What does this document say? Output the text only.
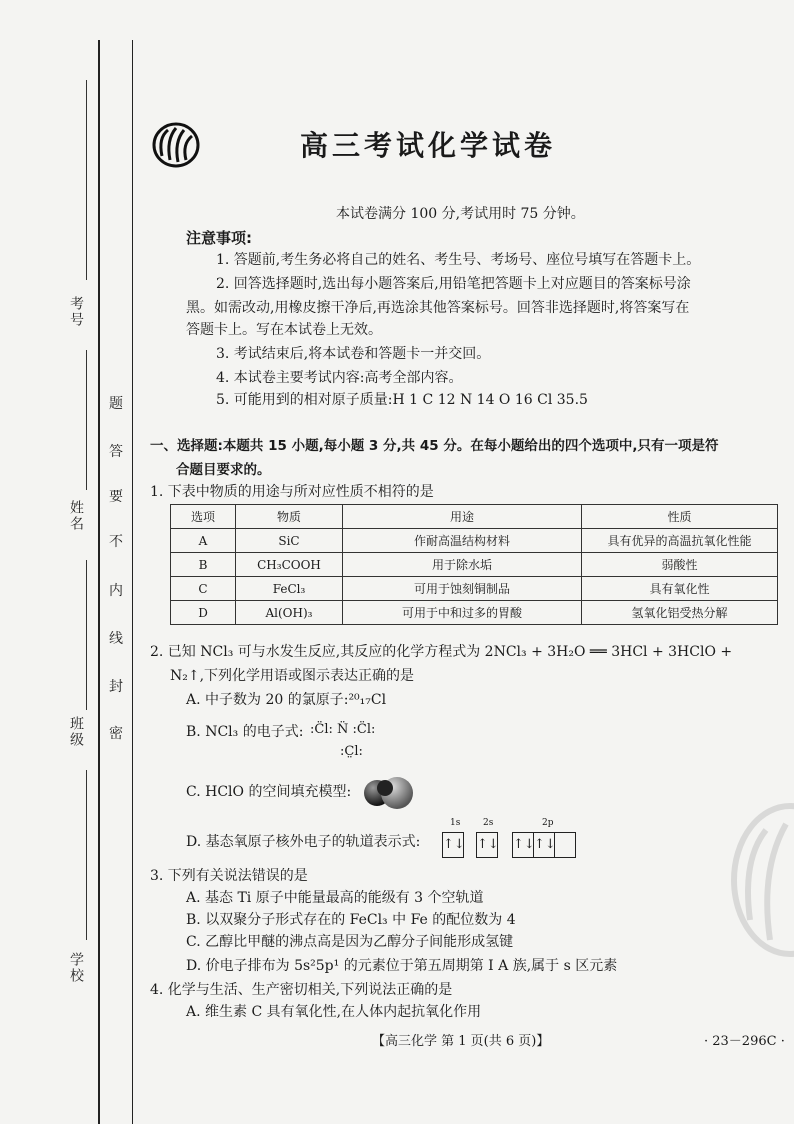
考号
姓名
班级
学校
题
答
要
不
内
线
封
密
高三考试化学试卷
本试卷满分 100 分,考试用时 75 分钟。
注意事项:
1. 答题前,考生务必将自己的姓名、考生号、考场号、座位号填写在答题卡上。
2. 回答选择题时,选出每小题答案后,用铅笔把答题卡上对应题目的答案标号涂
黑。如需改动,用橡皮擦干净后,再选涂其他答案标号。回答非选择题时,将答案写在
答题卡上。写在本试卷上无效。
3. 考试结束后,将本试卷和答题卡一并交回。
4. 本试卷主要考试内容:高考全部内容。
5. 可能用到的相对原子质量:H 1 C 12 N 14 O 16 Cl 35.5
一、选择题:本题共 15 小题,每小题 3 分,共 45 分。在每小题给出的四个选项中,只有一项是符
合题目要求的。
1. 下表中物质的用途与所对应性质不相符的是
选项	物质	用途	性质
A	SiC	作耐高温结构材料	具有优异的高温抗氧化性能
B	CH₃COOH	用于除水垢	弱酸性
C	FeCl₃	可用于蚀刻铜制品	具有氧化性
D	Al(OH)₃	可用于中和过多的胃酸	氢氧化铝受热分解
2. 已知 NCl₃ 可与水发生反应,其反应的化学方程式为 2NCl₃ + 3H₂O ══ 3HCl + 3HClO +
N₂↑,下列化学用语或图示表达正确的是
A. 中子数为 20 的氯原子:²⁰₁₇Cl
B. NCl₃ 的电子式: :C̈l: N̈ :C̈l:
:C̤l:
C. HClO 的空间填充模型:
D. 基态氧原子核外电子的轨道表示式:
1s	2s	2p
↑↓ ↑↓ ↑↓ ↑↓
3. 下列有关说法错误的是
A. 基态 Ti 原子中能量最高的能级有 3 个空轨道
B. 以双聚分子形式存在的 FeCl₃ 中 Fe 的配位数为 4
C. 乙醇比甲醚的沸点高是因为乙醇分子间能形成氢键
D. 价电子排布为 5s²5p¹ 的元素位于第五周期第 Ⅰ A 族,属于 s 区元素
4. 化学与生活、生产密切相关,下列说法正确的是
A. 维生素 C 具有氧化性,在人体内起抗氧化作用
【高三化学 第 1 页(共 6 页)】	· 23－296C ·
